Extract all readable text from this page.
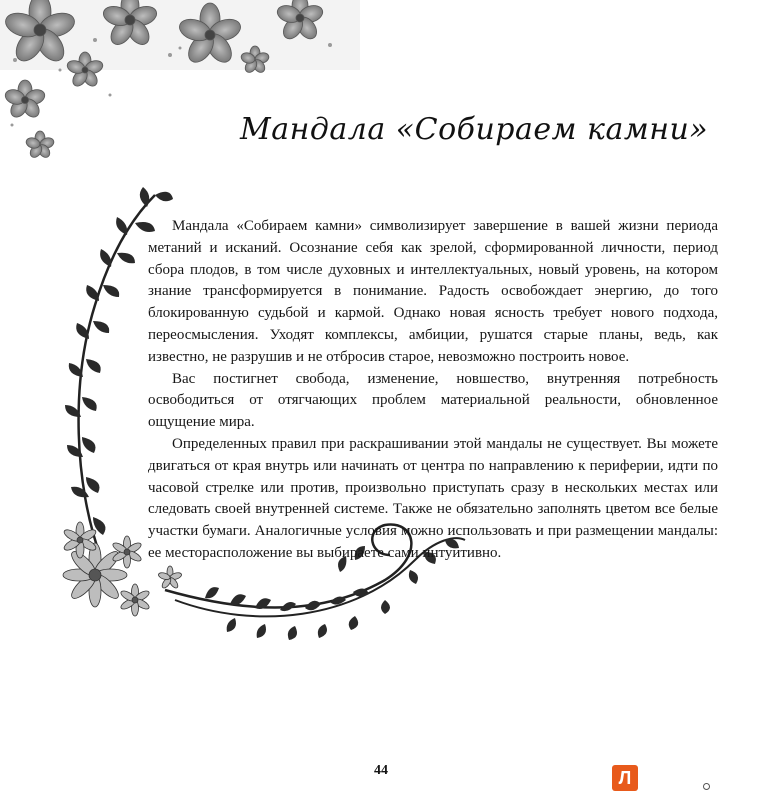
Мандала «Собираем камни»

Мандала «Собираем камни» символизирует завершение в вашей жизни периода метаний и исканий. Осознание себя как зрелой, сформированной личности, период сбора плодов, в том числе духовных и интеллектуальных, новый уровень, на котором знание трансформируется в понимание. Радость освобождает энергию, до того блокированную судьбой и кармой. Однако новая ясность требует нового подхода, переосмысления. Уходят комплексы, амбиции, рушатся старые планы, ведь, как известно, не разрушив и не отбросив старое, невозможно построить новое.

Вас постигнет свобода, изменение, новшество, внутренняя потребность освободиться от отягчающих проблем материальной реальности, обновленное ощущение мира.

Определенных правил при раскрашивании этой мандалы не существует. Вы можете двигаться от края внутрь или начинать от центра по направлению к периферии, идти по часовой стрелке или против, произвольно приступать сразу в нескольких местах или следовать своей внутренней системе. Также не обязательно заполнять цветом все белые участки бумаги. Аналогичные условия можно использовать и при размещении мандалы: ее месторасположение вы выбираете сами интуитивно.

44	Л
